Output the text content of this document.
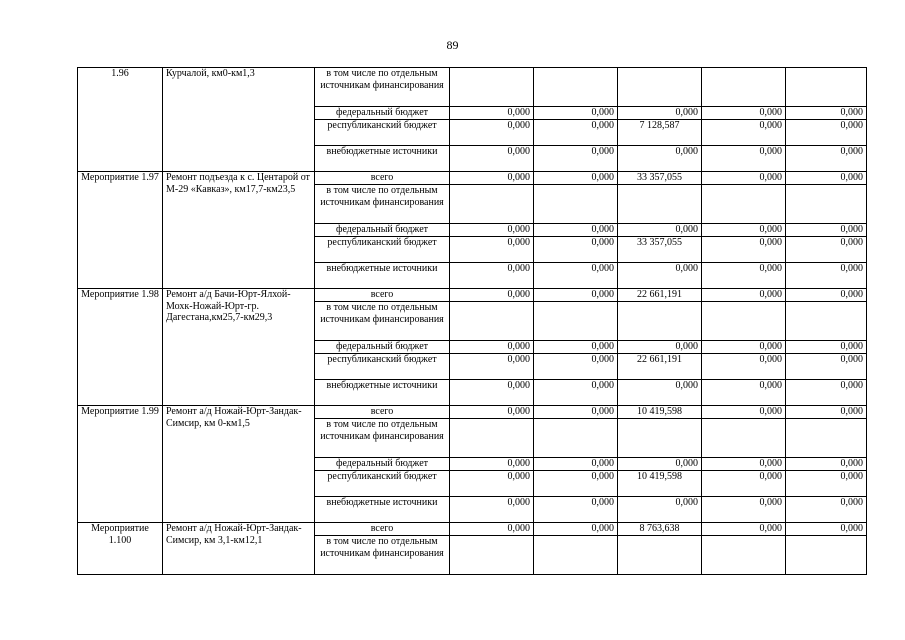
89
1.96	Курчалой, км0-км1,3	в том числе по отдельным источникам финансирования					
		федеральный бюджет	0,000	0,000	0,000	0,000	0,000
		республиканский бюджет	0,000	0,000	7 128,587	0,000	0,000
		внебюджетные источники	0,000	0,000	0,000	0,000	0,000
Мероприятие 1.97	Ремонт подъезда к с. Центарой от М-29 «Кавказ», км17,7-км23,5	всего	0,000	0,000	33 357,055	0,000	0,000
		в том числе по отдельным источникам финансирования					
		федеральный бюджет	0,000	0,000	0,000	0,000	0,000
		республиканский бюджет	0,000	0,000	33 357,055	0,000	0,000
		внебюджетные источники	0,000	0,000	0,000	0,000	0,000
Мероприятие 1.98	Ремонт а/д Бачи-Юрт-Ялхой-Мохк-Ножай-Юрт-гр. Дагестана,км25,7-км29,3	всего	0,000	0,000	22 661,191	0,000	0,000
		в том числе по отдельным источникам финансирования					
		федеральный бюджет	0,000	0,000	0,000	0,000	0,000
		республиканский бюджет	0,000	0,000	22 661,191	0,000	0,000
		внебюджетные источники	0,000	0,000	0,000	0,000	0,000
Мероприятие 1.99	Ремонт а/д Ножай-Юрт-Зандак-Симсир, км 0-км1,5	всего	0,000	0,000	10 419,598	0,000	0,000
		в том числе по отдельным источникам финансирования					
		федеральный бюджет	0,000	0,000	0,000	0,000	0,000
		республиканский бюджет	0,000	0,000	10 419,598	0,000	0,000
		внебюджетные источники	0,000	0,000	0,000	0,000	0,000
Мероприятие 1.100	Ремонт а/д Ножай-Юрт-Зандак-Симсир, км 3,1-км12,1	всего	0,000	0,000	8 763,638	0,000	0,000
		в том числе по отдельным источникам финансирования					
